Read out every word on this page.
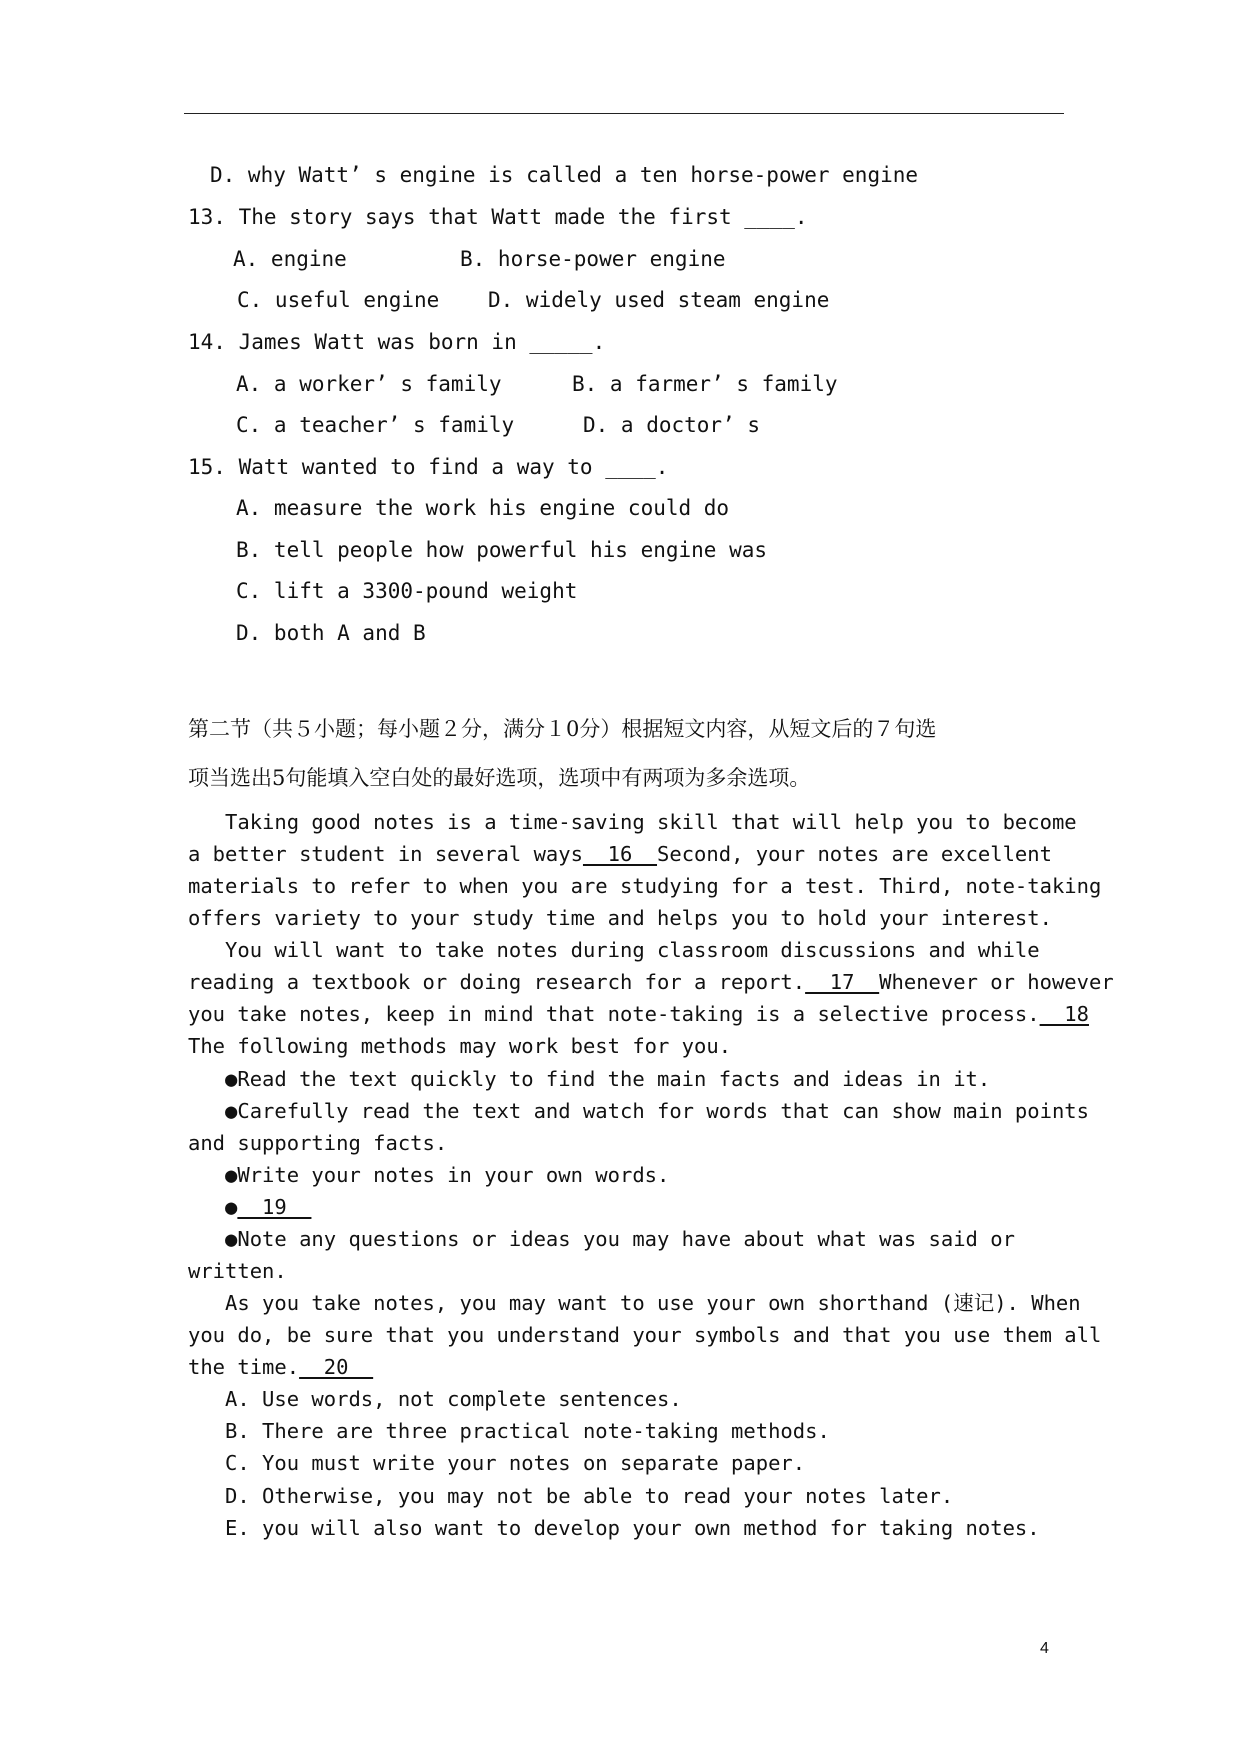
D. why Watt’ s engine is called a ten horse-power engine
13. The story says that Watt made the first ____.
A. engine	B. horse-power engine
C. useful engine D. widely used steam engine
14. James Watt was born in _____.
A. a worker’ s family	B. a farmer’ s family
C. a teacher’ s family	D. a doctor’ s
15. Watt wanted to find a way to ____.
A. measure the work his engine could do
B. tell people how powerful his engine was
C. lift a 3300-pound weight
D. both A and B
第二节（共５小题；每小题２分，满分１0分）根据短文内容，从短文后的７句选
项当选出5句能填入空白处的最好选项，选项中有两项为多余选项。
Taking good notes is a time-saving skill that will help you to become
a better student in several ways  16  Second, your notes are excellent
materials to refer to when you are studying for a test. Third, note-taking
offers variety to your study time and helps you to hold your interest.
You will want to take notes during classroom discussions and while
reading a textbook or doing research for a report.  17  Whenever or however
you take notes, keep in mind that note-taking is a selective process.  18
The following methods may work best for you.
●Read the text quickly to find the main facts and ideas in it.
●Carefully read the text and watch for words that can show main points
and supporting facts.
●Write your notes in your own words.
●  19
●Note any questions or ideas you may have about what was said or
written.
As you take notes, you may want to use your own shorthand (速记). When
you do, be sure that you understand your symbols and that you use them all
the time.  20
A. Use words, not complete sentences.
B. There are three practical note-taking methods.
C. You must write your notes on separate paper.
D. Otherwise, you may not be able to read your notes later.
E. you will also want to develop your own method for taking notes.
4
